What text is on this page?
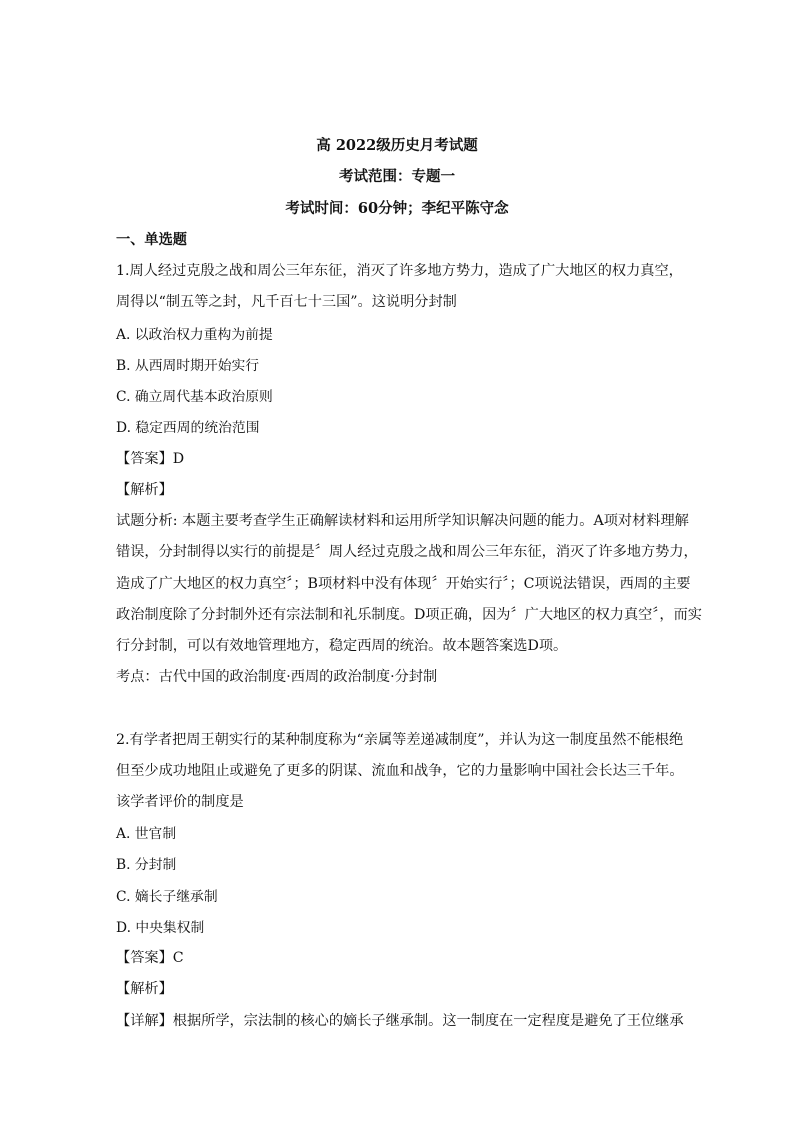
高 2022级历史月考试题
考试范围：专题一
考试时间：60分钟；李纪平陈守念
一、单选题
1.周人经过克殷之战和周公三年东征，消灭了许多地方势力，造成了广大地区的权力真空，
周得以“制五等之封，凡千百七十三国”。这说明分封制
A. 以政治权力重构为前提
B. 从西周时期开始实行
C. 确立周代基本政治原则
D. 稳定西周的统治范围
【答案】D
【解析】
试题分析: 本题主要考查学生正确解读材料和运用所学知识解决问题的能力。A项对材料理解
错误，分封制得以实行的前提是〞周人经过克殷之战和周公三年东征，消灭了许多地方势力，
造成了广大地区的权力真空〞；B项材料中没有体现〞开始实行〞；C项说法错误，西周的主要
政治制度除了分封制外还有宗法制和礼乐制度。D项正确，因为〞广大地区的权力真空〞，而实
行分封制，可以有效地管理地方，稳定西周的统治。故本题答案选D项。
考点：古代中国的政治制度·西周的政治制度·分封制
2.有学者把周王朝实行的某种制度称为“亲属等差递减制度”，并认为这一制度虽然不能根绝
但至少成功地阻止或避免了更多的阴谋、流血和战争，它的力量影响中国社会长达三千年。
该学者评价的制度是
A. 世官制
B. 分封制
C. 嫡长子继承制
D. 中央集权制
【答案】C
【解析】
【详解】根据所学，宗法制的核心的嫡长子继承制。这一制度在一定程度是避免了王位继承
